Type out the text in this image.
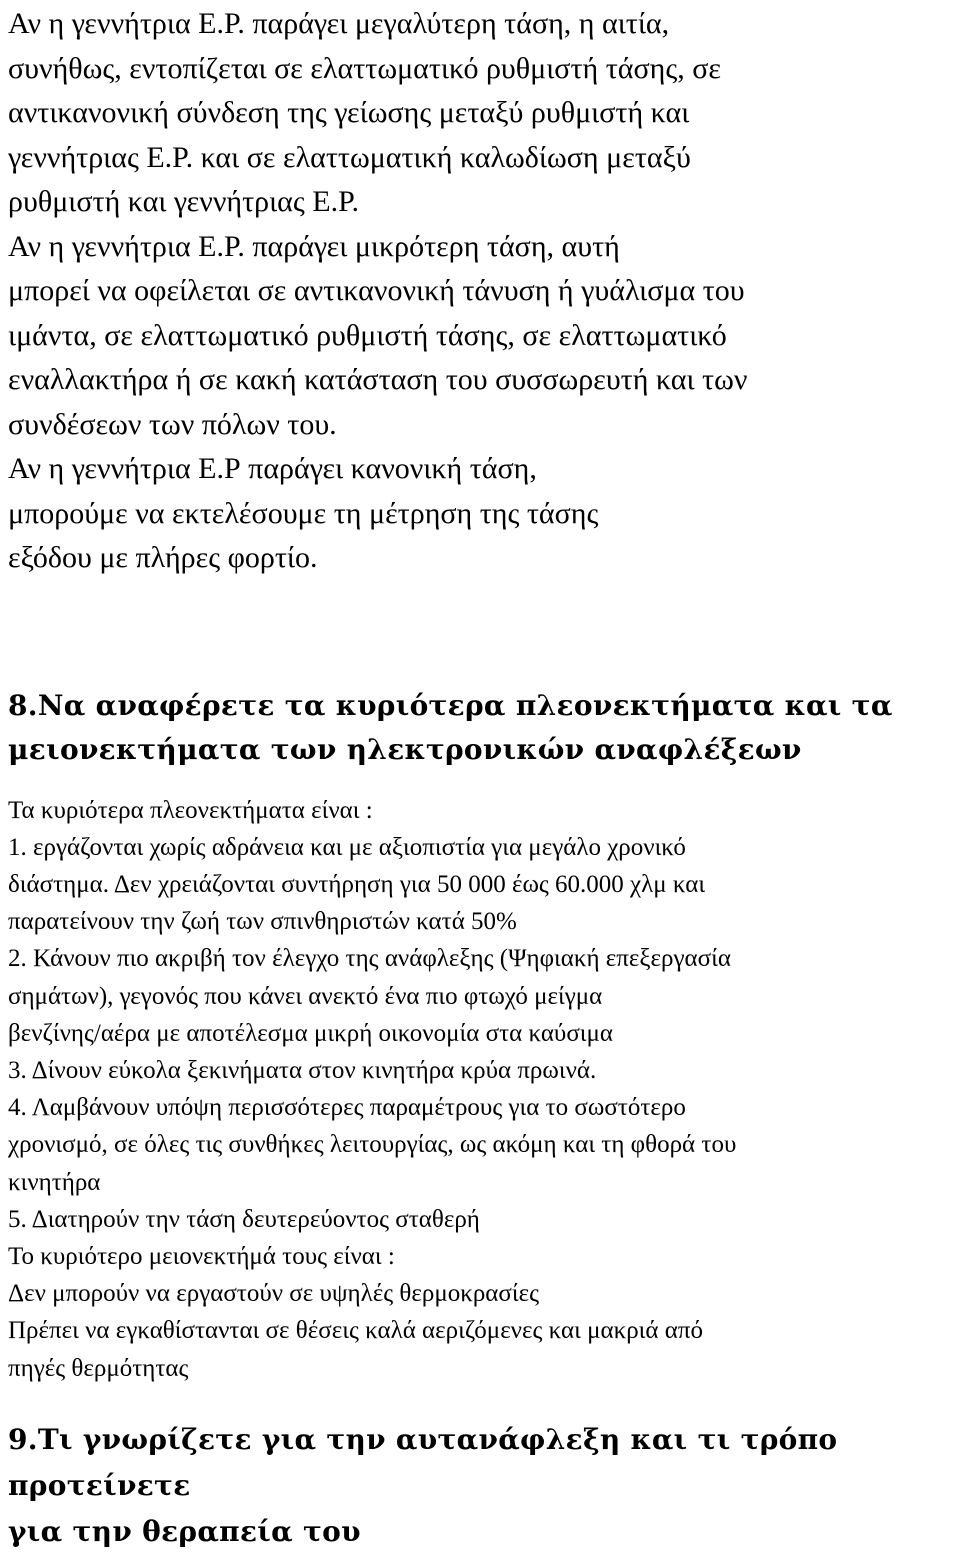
Αν η γεννήτρια Ε.Ρ. παράγει μεγαλύτερη τάση, η αιτία,

συνήθως, εντοπίζεται σε ελαττωματικό ρυθμιστή τάσης, σε

αντικανονική σύνδεση της γείωσης μεταξύ ρυθμιστή και

γεννήτριας Ε.Ρ. και σε ελαττωματική καλωδίωση μεταξύ

ρυθμιστή και γεννήτριας Ε.Ρ.

Αν η γεννήτρια Ε.Ρ. παράγει μικρότερη τάση, αυτή

μπορεί να οφείλεται σε αντικανονική τάνυση ή γυάλισμα του

ιμάντα, σε ελαττωματικό ρυθμιστή τάσης, σε ελαττωματικό

εναλλακτήρα ή σε κακή κατάσταση του συσσωρευτή και των

συνδέσεων των πόλων του.

Αν η γεννήτρια Ε.Ρ παράγει κανονική τάση,

μπορούμε να εκτελέσουμε τη μέτρηση της τάσης

εξόδου με πλήρες φορτίο.

8.Να αναφέρετε τα κυριότερα πλεονεκτήματα και τα

μειονεκτήματα των ηλεκτρονικών αναφλέξεων

Τα κυριότερα πλεονεκτήματα είναι :

1. εργάζονται χωρίς αδράνεια και με αξιοπιστία για μεγάλο χρονικό

διάστημα. Δεν χρειάζονται συντήρηση για 50 000 έως 60.000 χλμ και

παρατείνουν την ζωή των σπινθηριστών κατά 50%

2. Κάνουν πιο ακριβή τον έλεγχο της ανάφλεξης (Ψηφιακή επεξεργασία

σημάτων), γεγονός που κάνει ανεκτό ένα πιο φτωχό μείγμα

βενζίνης/αέρα με αποτέλεσμα μικρή οικονομία στα καύσιμα

3. Δίνουν εύκολα ξεκινήματα στον κινητήρα κρύα πρωινά.

4. Λαμβάνουν υπόψη περισσότερες παραμέτρους για το σωστότερο

χρονισμό, σε όλες τις συνθήκες λειτουργίας, ως ακόμη και τη φθορά του

κινητήρα

5. Διατηρούν την τάση δευτερεύοντος σταθερή

Το κυριότερο μειονεκτήμά τους είναι :

Δεν μπορούν να εργαστούν σε υψηλές θερμοκρασίες

Πρέπει να εγκαθίστανται σε θέσεις καλά αεριζόμενες και μακριά από

πηγές θερμότητας

9.Τι γνωρίζετε για την αυτανάφλεξη και τι τρόπο προτείνετε

για την θεραπεία του
